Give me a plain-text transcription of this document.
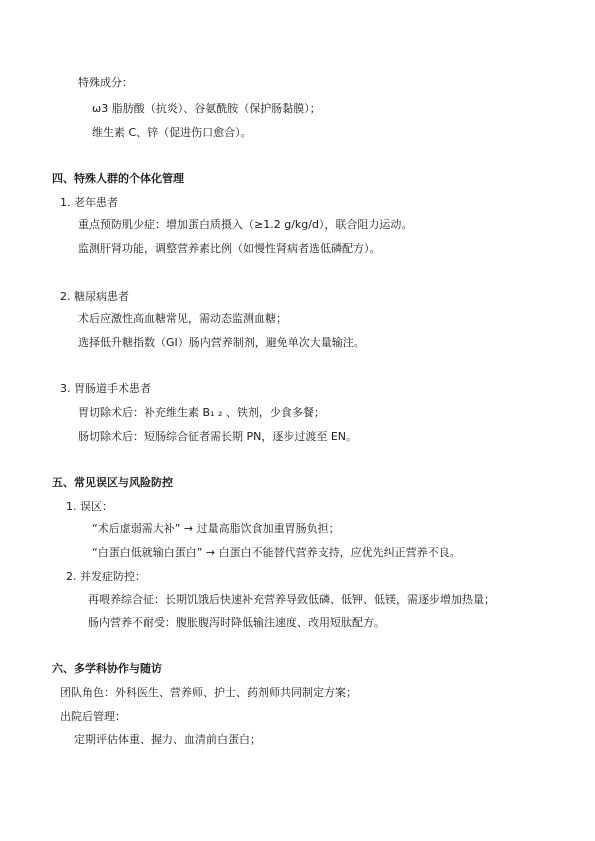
特殊成分：
ω3 脂肪酸（抗炎）、谷氨酰胺（保护肠黏膜）；
维生素 C、锌（促进伤口愈合）。
四、特殊人群的个体化管理
1. 老年患者
重点预防肌少症：增加蛋白质摄入（≥1.2 g/kg/d），联合阻力运动。
监测肝肾功能，调整营养素比例（如慢性肾病者选低磷配方）。
2. 糖尿病患者
术后应激性高血糖常见，需动态监测血糖；
选择低升糖指数（GI）肠内营养制剂，避免单次大量输注。
3. 胃肠道手术患者
胃切除术后：补充维生素 B₁ ₂ 、铁剂，少食多餐；
肠切除术后：短肠综合征者需长期 PN，逐步过渡至 EN。
五、常见误区与风险防控
1. 误区：
“术后虚弱需大补” → 过量高脂饮食加重胃肠负担；
“白蛋白低就输白蛋白” → 白蛋白不能替代营养支持，应优先纠正营养不良。
2. 并发症防控：
再喂养综合征：长期饥饿后快速补充营养导致低磷、低钾、低镁，需逐步增加热量；
肠内营养不耐受：腹胀腹泻时降低输注速度、改用短肽配方。
六、多学科协作与随访
团队角色：外科医生、营养师、护士、药剂师共同制定方案；
出院后管理：
定期评估体重、握力、血清前白蛋白；
